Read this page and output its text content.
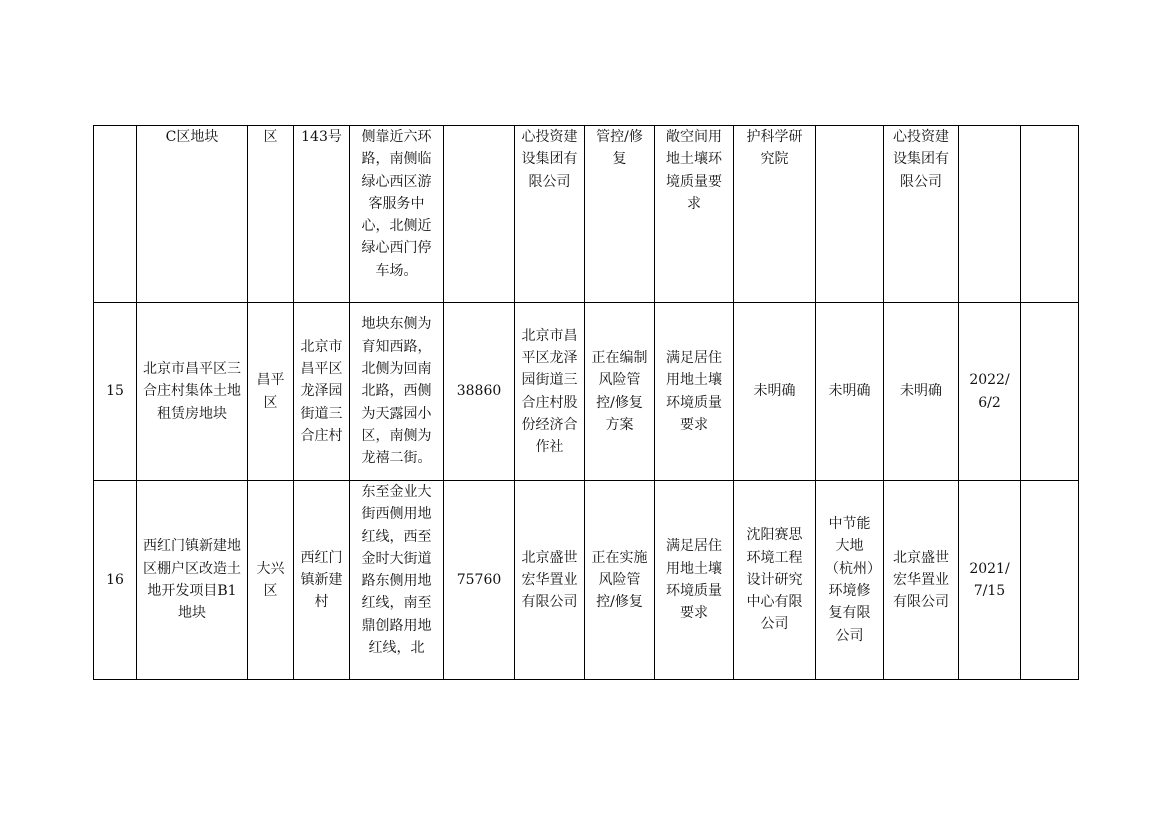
	C区地块	区	143号	侧靠近六环路，南侧临绿心西区游客服务中心，北侧近绿心西门停车场。		心投资建设集团有限公司	管控/修复	敞空间用地土壤环境质量要求	护科学研究院		心投资建设集团有限公司		
15	北京市昌平区三合庄村集体土地租赁房地块	昌平区	北京市昌平区龙泽园街道三合庄村	地块东侧为育知西路，北侧为回南北路，西侧为天露园小区，南侧为龙禧二街。	38860	北京市昌平区龙泽园街道三合庄村股份经济合作社	正在编制风险管控/修复方案	满足居住用地土壤环境质量要求	未明确	未明确	未明确	2022/6/2	
16	西红门镇新建地区棚户区改造土地开发项目B1地块	大兴区	西红门镇新建村	东至金业大街西侧用地红线，西至金时大街道路东侧用地红线，南至鼎创路用地红线，北	75760	北京盛世宏华置业有限公司	正在实施风险管控/修复	满足居住用地土壤环境质量要求	沈阳赛思环境工程设计研究中心有限公司	中节能大地（杭州）环境修复有限公司	北京盛世宏华置业有限公司	2021/7/15	
